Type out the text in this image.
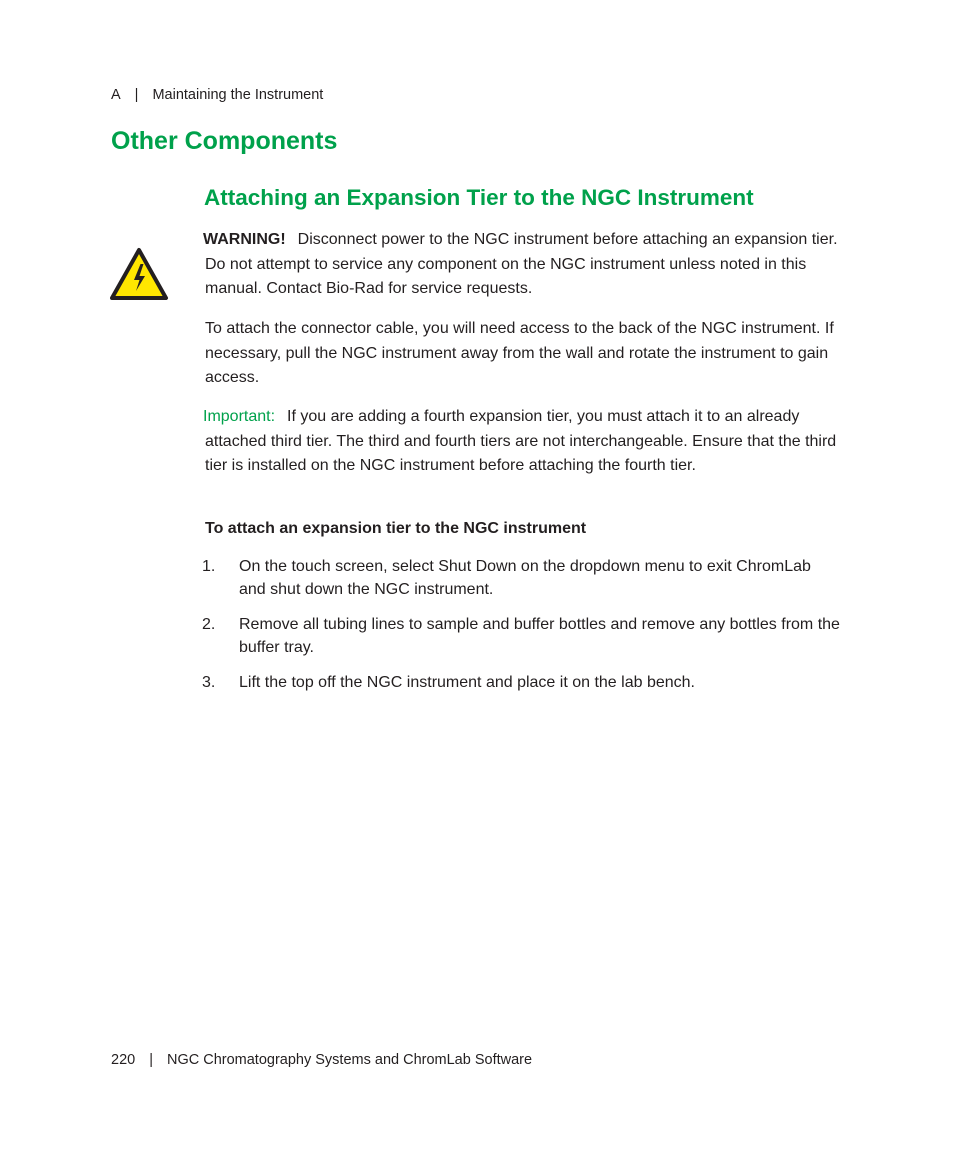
A | Maintaining the Instrument
Other Components
Attaching an Expansion Tier to the NGC Instrument
WARNING! Disconnect power to the NGC instrument before attaching an expansion tier. Do not attempt to service any component on the NGC instrument unless noted in this manual. Contact Bio-Rad for service requests.
To attach the connector cable, you will need access to the back of the NGC instrument. If necessary, pull the NGC instrument away from the wall and rotate the instrument to gain access.
Important: If you are adding a fourth expansion tier, you must attach it to an already attached third tier. The third and fourth tiers are not interchangeable. Ensure that the third tier is installed on the NGC instrument before attaching the fourth tier.
To attach an expansion tier to the NGC instrument
1. On the touch screen, select Shut Down on the dropdown menu to exit ChromLab and shut down the NGC instrument.
2. Remove all tubing lines to sample and buffer bottles and remove any bottles from the buffer tray.
3. Lift the top off the NGC instrument and place it on the lab bench.
220 | NGC Chromatography Systems and ChromLab Software
